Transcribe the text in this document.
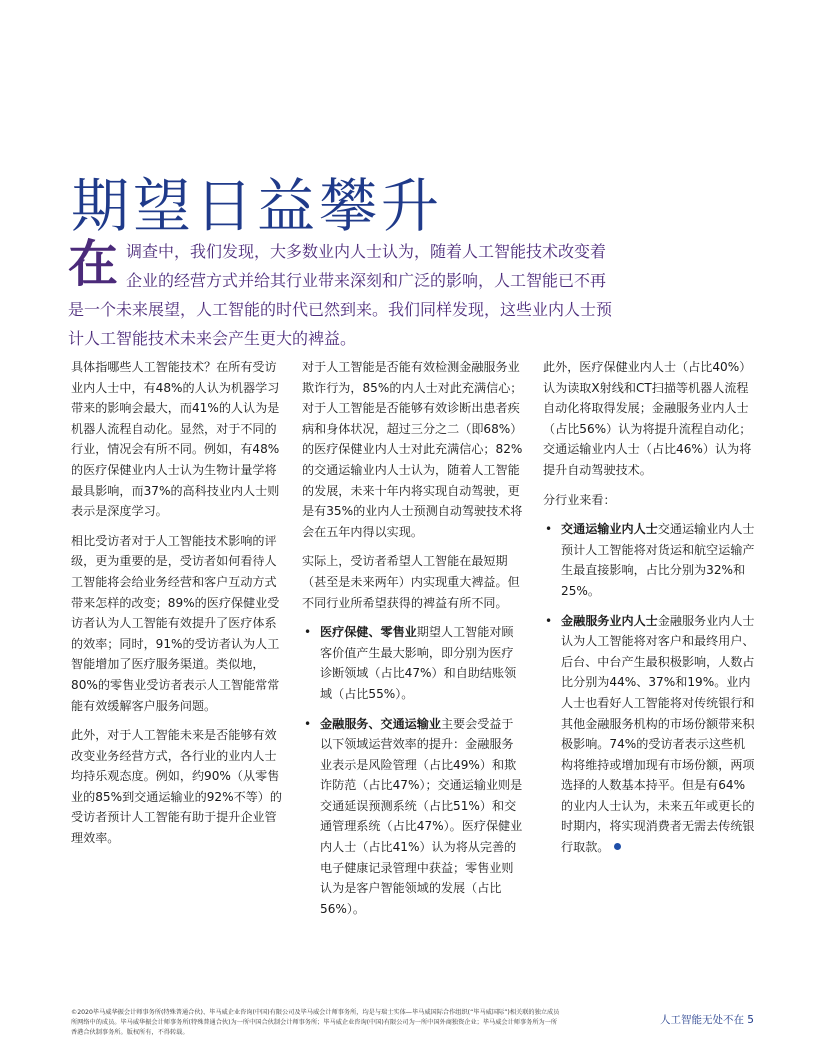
期望日益攀升
在调查中，我们发现，大多数业内人士认为，随着人工智能技术改变着企业的经营方式并给其行业带来深刻和广泛的影响，人工智能已不再是一个未来展望，人工智能的时代已然到来。我们同样发现，这些业内人士预计人工智能技术未来会产生更大的裨益。

具体指哪些人工智能技术？在所有受访业内人士中，有48%的人认为机器学习带来的影响会最大，而41%的人认为是机器人流程自动化。显然，对于不同的行业，情况会有所不同。例如，有48%的医疗保健业内人士认为生物计量学将最具影响，而37%的高科技业内人士则表示是深度学习。

相比受访者对于人工智能技术影响的评级，更为重要的是，受访者如何看待人工智能将会给业务经营和客户互动方式带来怎样的改变；89%的医疗保健业受访者认为人工智能有效提升了医疗体系的效率；同时，91%的受访者认为人工智能增加了医疗服务渠道。类似地，80%的零售业受访者表示人工智能常常能有效缓解客户服务问题。

此外，对于人工智能未来是否能够有效改变业务经营方式，各行业的业内人士均持乐观态度。例如，约90%（从零售业的85%到交通运输业的92%不等）的受访者预计人工智能有助于提升企业管理效率。

对于人工智能是否能有效检测金融服务业欺诈行为，85%的内人士对此充满信心；对于人工智能是否能够有效诊断出患者疾病和身体状况，超过三分之二（即68%）的医疗保健业内人士对此充满信心；82%的交通运输业内人士认为，随着人工智能的发展，未来十年内将实现自动驾驶，更是有35%的业内人士预测自动驾驶技术将会在五年内得以实现。

实际上，受访者希望人工智能在最短期（甚至是未来两年）内实现重大裨益。但不同行业所希望获得的裨益有所不同。

• 医疗保健、零售业期望人工智能对顾客价值产生最大影响，即分别为医疗诊断领域（占比47%）和自助结账领域（占比55%）。
• 金融服务、交通运输业主要会受益于以下领域运营效率的提升：金融服务业表示是风险管理（占比49%）和欺诈防范（占比47%）；交通运输业则是交通延误预测系统（占比51%）和交通管理系统（占比47%）。医疗保健业内人士（占比41%）认为将从完善的电子健康记录管理中获益；零售业则认为是客户智能领域的发展（占比56%）。

此外，医疗保健业内人士（占比40%）认为读取X射线和CT扫描等机器人流程自动化将取得发展；金融服务业内人士（占比56%）认为将提升流程自动化；交通运输业内人士（占比46%）认为将提升自动驾驶技术。

分行业来看：

• 交通运输业内人士交通运输业内人士预计人工智能将对货运和航空运输产生最直接影响，占比分别为32%和25%。
• 金融服务业内人士金融服务业内人士认为人工智能将对客户和最终用户、后台、中台产生最积极影响，人数占比分别为44%、37%和19%。业内人士也看好人工智能将对传统银行和其他金融服务机构的市场份额带来积极影响。74%的受访者表示这些机构将维持或增加现有市场份额，两项选择的人数基本持平。但是有64%的业内人士认为，未来五年或更长的时期内，将实现消费者无需去传统银行取款。
©2020毕马威华振会计师事务所(特殊普通合伙)、毕马威企业咨询(中国)有限公司及毕马威会计师事务所，均是与瑞士实体—毕马威国际合作组织(“毕马威国际”)相关联的独立成员所网络中的成员。毕马威华振会计师事务所(特殊普通合伙)为一所中国合伙制会计师事务所；毕马威企业咨询(中国)有限公司为一所中国外商独资企业；毕马威会计师事务所为一所香港合伙制事务所。版权所有，不得转载。
人工智能无处不在 5
